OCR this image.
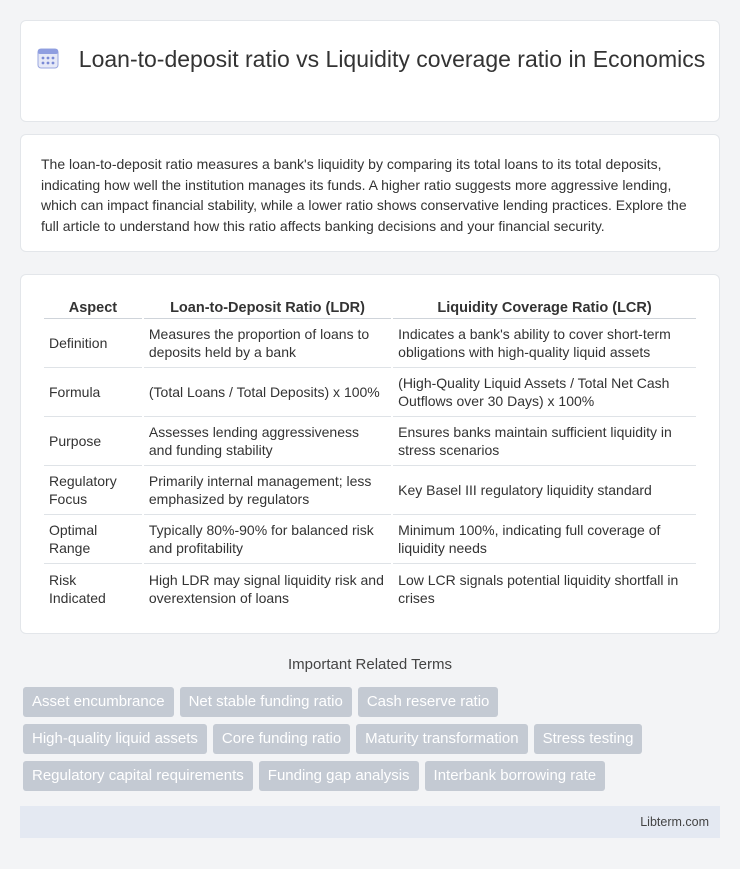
Loan-to-deposit ratio vs Liquidity coverage ratio in Economics

The loan-to-deposit ratio measures a bank's liquidity by comparing its total loans to its total deposits, indicating how well the institution manages its funds. A higher ratio suggests more aggressive lending, which can impact financial stability, while a lower ratio shows conservative lending practices. Explore the full article to understand how this ratio affects banking decisions and your financial security.

Aspect	Loan-to-Deposit Ratio (LDR)	Liquidity Coverage Ratio (LCR)
Definition	Measures the proportion of loans to deposits held by a bank	Indicates a bank's ability to cover short-term obligations with high-quality liquid assets
Formula	(Total Loans / Total Deposits) x 100%	(High-Quality Liquid Assets / Total Net Cash Outflows over 30 Days) x 100%
Purpose	Assesses lending aggressiveness and funding stability	Ensures banks maintain sufficient liquidity in stress scenarios
Regulatory Focus	Primarily internal management; less emphasized by regulators	Key Basel III regulatory liquidity standard
Optimal Range	Typically 80%-90% for balanced risk and profitability	Minimum 100%, indicating full coverage of liquidity needs
Risk Indicated	High LDR may signal liquidity risk and overextension of loans	Low LCR signals potential liquidity shortfall in crises
Important Related Terms
Asset encumbrance	Net stable funding ratio	Cash reserve ratio
High-quality liquid assets	Core funding ratio	Maturity transformation	Stress testing
Regulatory capital requirements	Funding gap analysis	Interbank borrowing rate
Libterm.com
